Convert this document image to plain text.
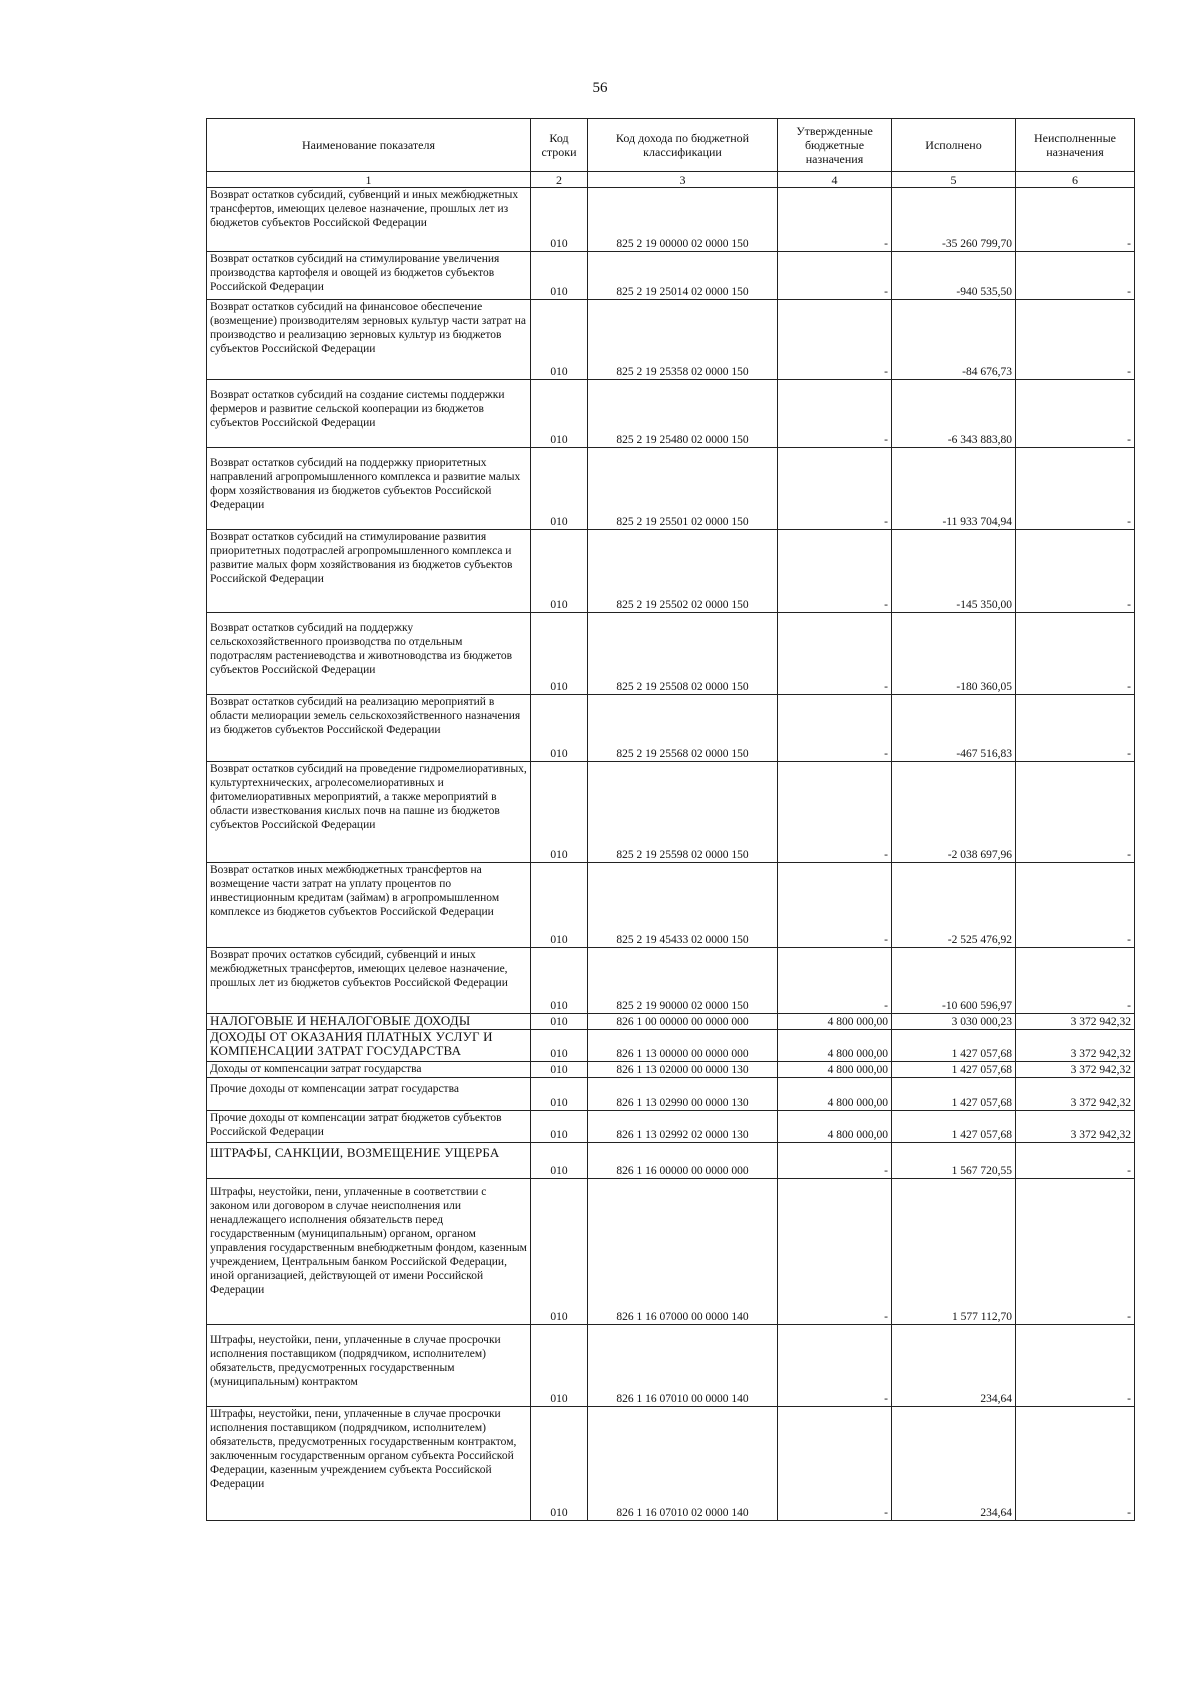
56
Наименование показателя	Код строки	Код дохода по бюджетной классификации	Утвержденные бюджетные назначения	Исполнено	Неисполненные назначения
1	2	3	4	5	6
Возврат остатков субсидий, субвенций и иных межбюджетных трансфертов, имеющих целевое назначение, прошлых лет из бюджетов субъектов Российской Федерации	010	825 2 19 00000 02 0000 150	-	-35 260 799,70	-
Возврат остатков субсидий на стимулирование увеличения производства картофеля и овощей из бюджетов субъектов Российской Федерации	010	825 2 19 25014 02 0000 150	-	-940 535,50	-
Возврат остатков субсидий на финансовое обеспечение (возмещение) производителям зерновых культур части затрат на производство и реализацию зерновых культур из бюджетов субъектов Российской Федерации	010	825 2 19 25358 02 0000 150	-	-84 676,73	-
Возврат остатков субсидий на создание системы поддержки фермеров и развитие сельской кооперации из бюджетов субъектов Российской Федерации	010	825 2 19 25480 02 0000 150	-	-6 343 883,80	-
Возврат остатков субсидий на поддержку приоритетных направлений агропромышленного комплекса и развитие малых форм хозяйствования из бюджетов субъектов Российской Федерации	010	825 2 19 25501 02 0000 150	-	-11 933 704,94	-
Возврат остатков субсидий на стимулирование развития приоритетных подотраслей агропромышленного комплекса и развитие малых форм хозяйствования из бюджетов субъектов Российской Федерации	010	825 2 19 25502 02 0000 150	-	-145 350,00	-
Возврат остатков субсидий на поддержку сельскохозяйственного производства по отдельным подотраслям растениеводства и животноводства из бюджетов субъектов Российской Федерации	010	825 2 19 25508 02 0000 150	-	-180 360,05	-
Возврат остатков субсидий на реализацию мероприятий в области мелиорации земель сельскохозяйственного назначения из бюджетов субъектов Российской Федерации	010	825 2 19 25568 02 0000 150	-	-467 516,83	-
Возврат остатков субсидий на проведение гидромелиоративных, культуртехнических, агролесомелиоративных и фитомелиоративных мероприятий, а также мероприятий в области известкования кислых почв на пашне из бюджетов субъектов Российской Федерации	010	825 2 19 25598 02 0000 150	-	-2 038 697,96	-
Возврат остатков иных межбюджетных трансфертов на возмещение части затрат на уплату процентов по инвестиционным кредитам (займам) в агропромышленном комплексе из бюджетов субъектов Российской Федерации	010	825 2 19 45433 02 0000 150	-	-2 525 476,92	-
Возврат прочих остатков субсидий, субвенций и иных межбюджетных трансфертов, имеющих целевое назначение, прошлых лет из бюджетов субъектов Российской Федерации	010	825 2 19 90000 02 0000 150	-	-10 600 596,97	-
НАЛОГОВЫЕ И НЕНАЛОГОВЫЕ ДОХОДЫ	010	826 1 00 00000 00 0000 000	4 800 000,00	3 030 000,23	3 372 942,32
ДОХОДЫ ОТ ОКАЗАНИЯ ПЛАТНЫХ УСЛУГ И КОМПЕНСАЦИИ ЗАТРАТ ГОСУДАРСТВА	010	826 1 13 00000 00 0000 000	4 800 000,00	1 427 057,68	3 372 942,32
Доходы от компенсации затрат государства	010	826 1 13 02000 00 0000 130	4 800 000,00	1 427 057,68	3 372 942,32
Прочие доходы от компенсации затрат государства	010	826 1 13 02990 00 0000 130	4 800 000,00	1 427 057,68	3 372 942,32
Прочие доходы от компенсации затрат бюджетов субъектов Российской Федерации	010	826 1 13 02992 02 0000 130	4 800 000,00	1 427 057,68	3 372 942,32
ШТРАФЫ, САНКЦИИ, ВОЗМЕЩЕНИЕ УЩЕРБА	010	826 1 16 00000 00 0000 000	-	1 567 720,55	-
Штрафы, неустойки, пени, уплаченные в соответствии с законом или договором в случае неисполнения или ненадлежащего исполнения обязательств перед государственным (муниципальным) органом, органом управления государственным внебюджетным фондом, казенным учреждением, Центральным банком Российской Федерации, иной организацией, действующей от имени Российской Федерации	010	826 1 16 07000 00 0000 140	-	1 577 112,70	-
Штрафы, неустойки, пени, уплаченные в случае просрочки исполнения поставщиком (подрядчиком, исполнителем) обязательств, предусмотренных государственным (муниципальным) контрактом	010	826 1 16 07010 00 0000 140	-	234,64	-
Штрафы, неустойки, пени, уплаченные в случае просрочки исполнения поставщиком (подрядчиком, исполнителем) обязательств, предусмотренных государственным контрактом, заключенным государственным органом субъекта Российской Федерации, казенным учреждением субъекта Российской Федерации	010	826 1 16 07010 02 0000 140	-	234,64	-
